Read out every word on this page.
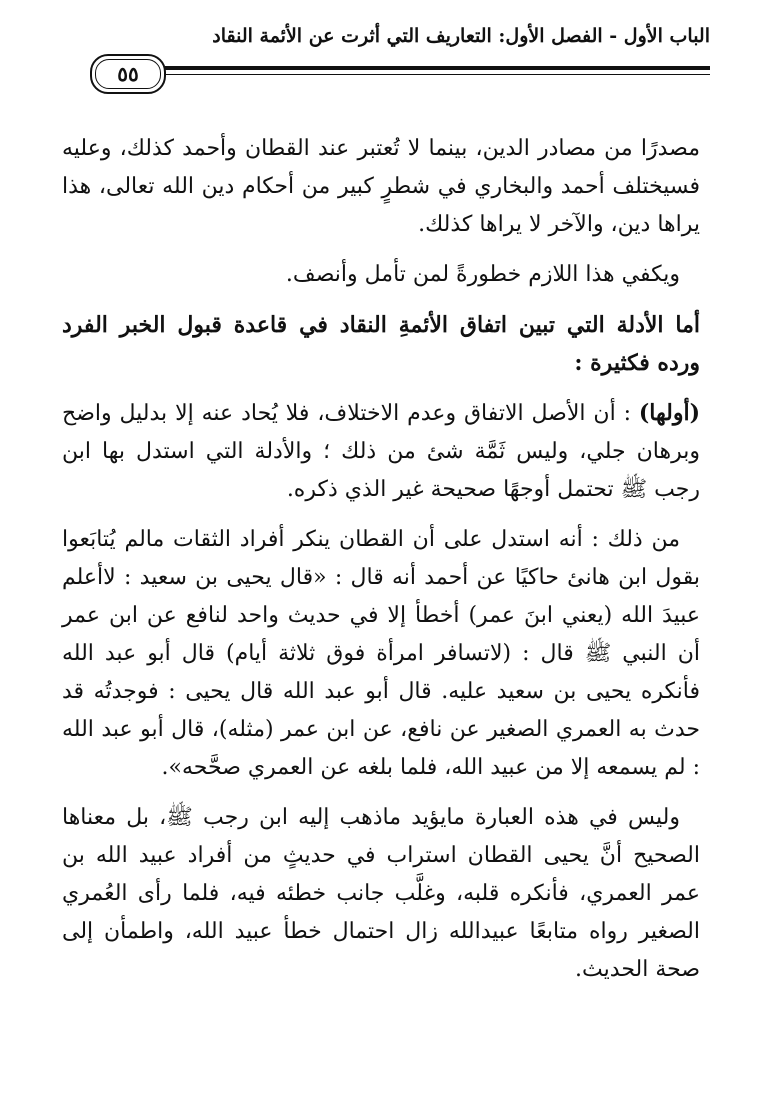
الباب الأول - الفصل الأول: التعاريف التي أثرت عن الأئمة النقاد
٥٥

مصدرًا من مصادر الدين، بينما لا تُعتبر عند القطان وأحمد كذلك، وعليه فسيختلف أحمد والبخاري في شطرٍ كبير من أحكام دين الله تعالى، هذا يراها دين، والآخر لا يراها كذلك.

ويكفي هذا اللازم خطورةً لمن تأمل وأنصف.

أما الأدلة التي تبين اتفاق الأئمةِ النقاد في قاعدة قبول الخبر الفرد ورده فكثيرة :

(أولها) : أن الأصل الاتفاق وعدم الاختلاف، فلا يُحاد عنه إلا بدليل واضح وبرهان جلي، وليس ثَمَّة شئ من ذلك ؛ والأدلة التي استدل بها ابن رجب ﷺ تحتمل أوجهًا صحيحة غير الذي ذكره.

من ذلك : أنه استدل على أن القطان ينكر أفراد الثقات مالم يُتابَعوا بقول ابن هانئ حاكيًا عن أحمد أنه قال : «قال يحيى بن سعيد : لاأعلم عبيدَ الله (يعني ابنَ عمر) أخطأ إلا في حديث واحد لنافع عن ابن عمر أن النبي ﷺ قال : (لاتسافر امرأة فوق ثلاثة أيام) قال أبو عبد الله فأنكره يحيى بن سعيد عليه. قال أبو عبد الله قال يحيى : فوجدتُه قد حدث به العمري الصغير عن نافع، عن ابن عمر (مثله)، قال أبو عبد الله : لم يسمعه إلا من عبيد الله، فلما بلغه عن العمري صحَّحه».

وليس في هذه العبارة مايؤيد ماذهب إليه ابن رجب ﷺ، بل معناها الصحيح أنَّ يحيى القطان استراب في حديثٍ من أفراد عبيد الله بن عمر العمري، فأنكره قلبه، وغلَّب جانب خطئه فيه، فلما رأى العُمري الصغير رواه متابعًا عبيدالله زال احتمال خطأ عبيد الله، واطمأن إلى صحة الحديث.
